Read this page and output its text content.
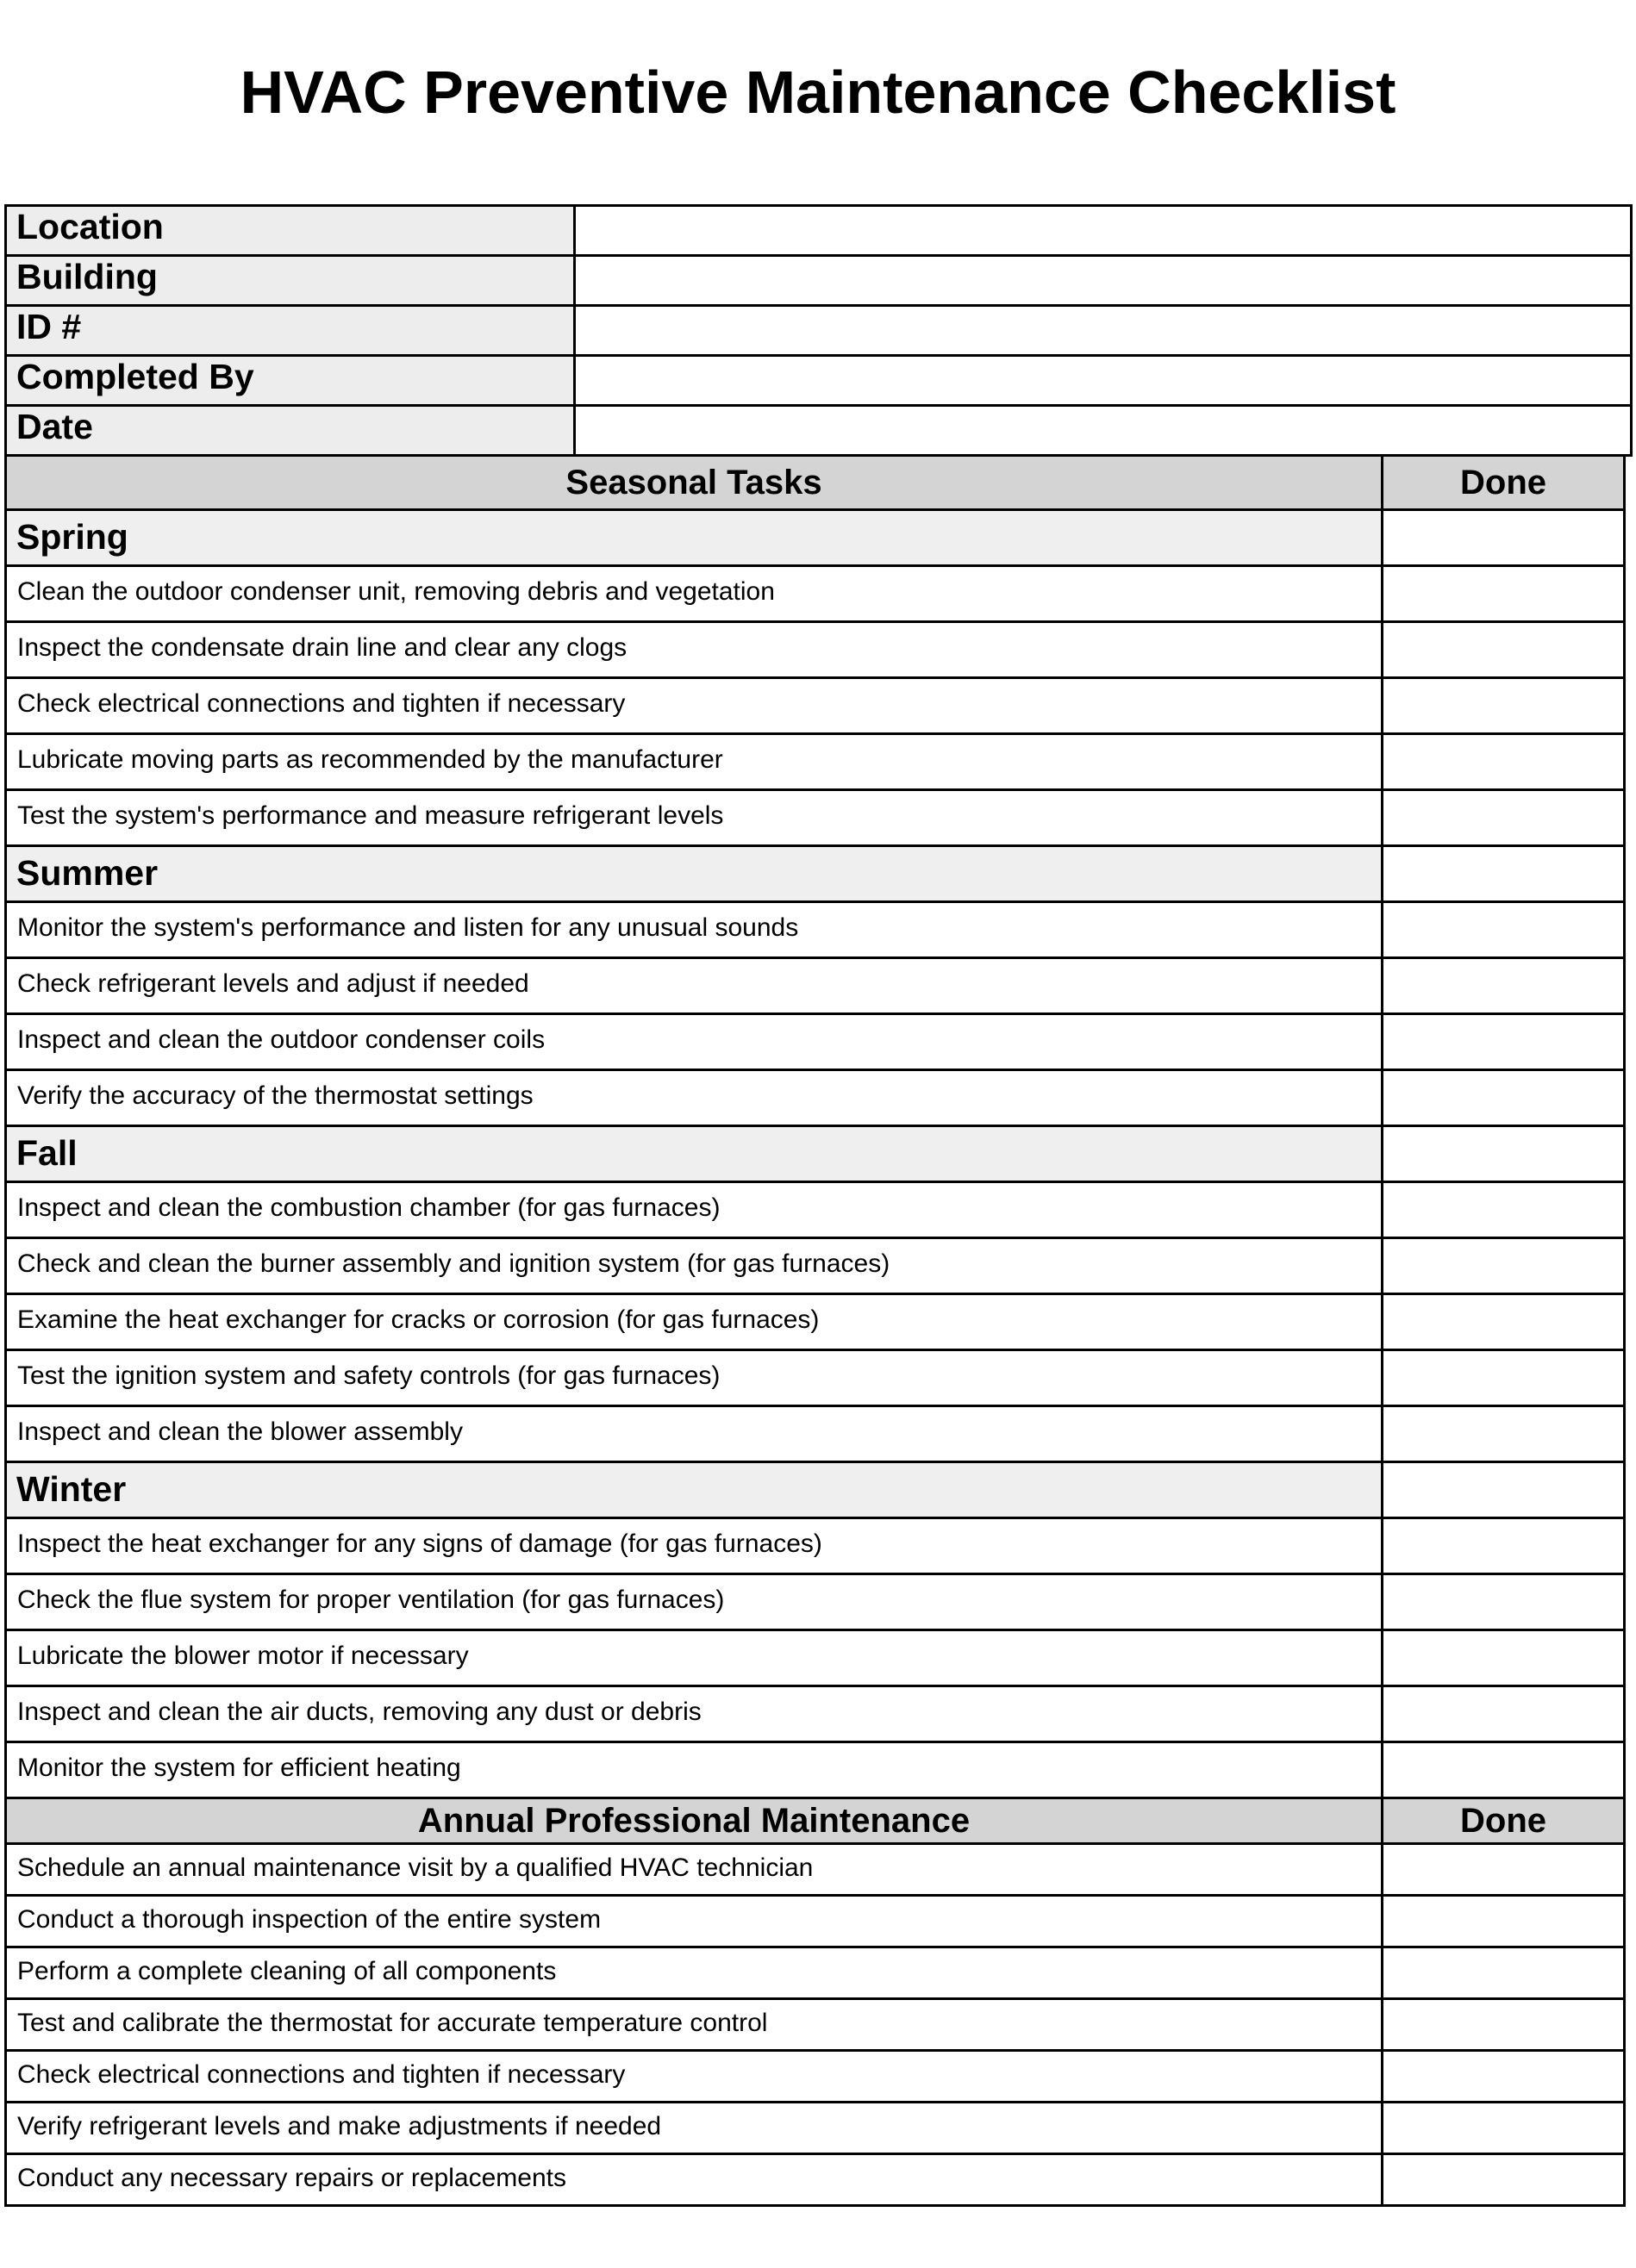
HVAC Preventive Maintenance Checklist
Location	
Building	
ID #	
Completed By	
Date	
Seasonal Tasks	Done
Spring	
Clean the outdoor condenser unit, removing debris and vegetation	
Inspect the condensate drain line and clear any clogs	
Check electrical connections and tighten if necessary	
Lubricate moving parts as recommended by the manufacturer	
Test the system's performance and measure refrigerant levels	
Summer	
Monitor the system's performance and listen for any unusual sounds	
Check refrigerant levels and adjust if needed	
Inspect and clean the outdoor condenser coils	
Verify the accuracy of the thermostat settings	
Fall	
Inspect and clean the combustion chamber (for gas furnaces)	
Check and clean the burner assembly and ignition system (for gas furnaces)	
Examine the heat exchanger for cracks or corrosion (for gas furnaces)	
Test the ignition system and safety controls (for gas furnaces)	
Inspect and clean the blower assembly	
Winter	
Inspect the heat exchanger for any signs of damage (for gas furnaces)	
Check the flue system for proper ventilation (for gas furnaces)	
Lubricate the blower motor if necessary	
Inspect and clean the air ducts, removing any dust or debris	
Monitor the system for efficient heating	
Annual Professional Maintenance	Done
Schedule an annual maintenance visit by a qualified HVAC technician	
Conduct a thorough inspection of the entire system	
Perform a complete cleaning of all components	
Test and calibrate the thermostat for accurate temperature control	
Check electrical connections and tighten if necessary	
Verify refrigerant levels and make adjustments if needed	
Conduct any necessary repairs or replacements	
